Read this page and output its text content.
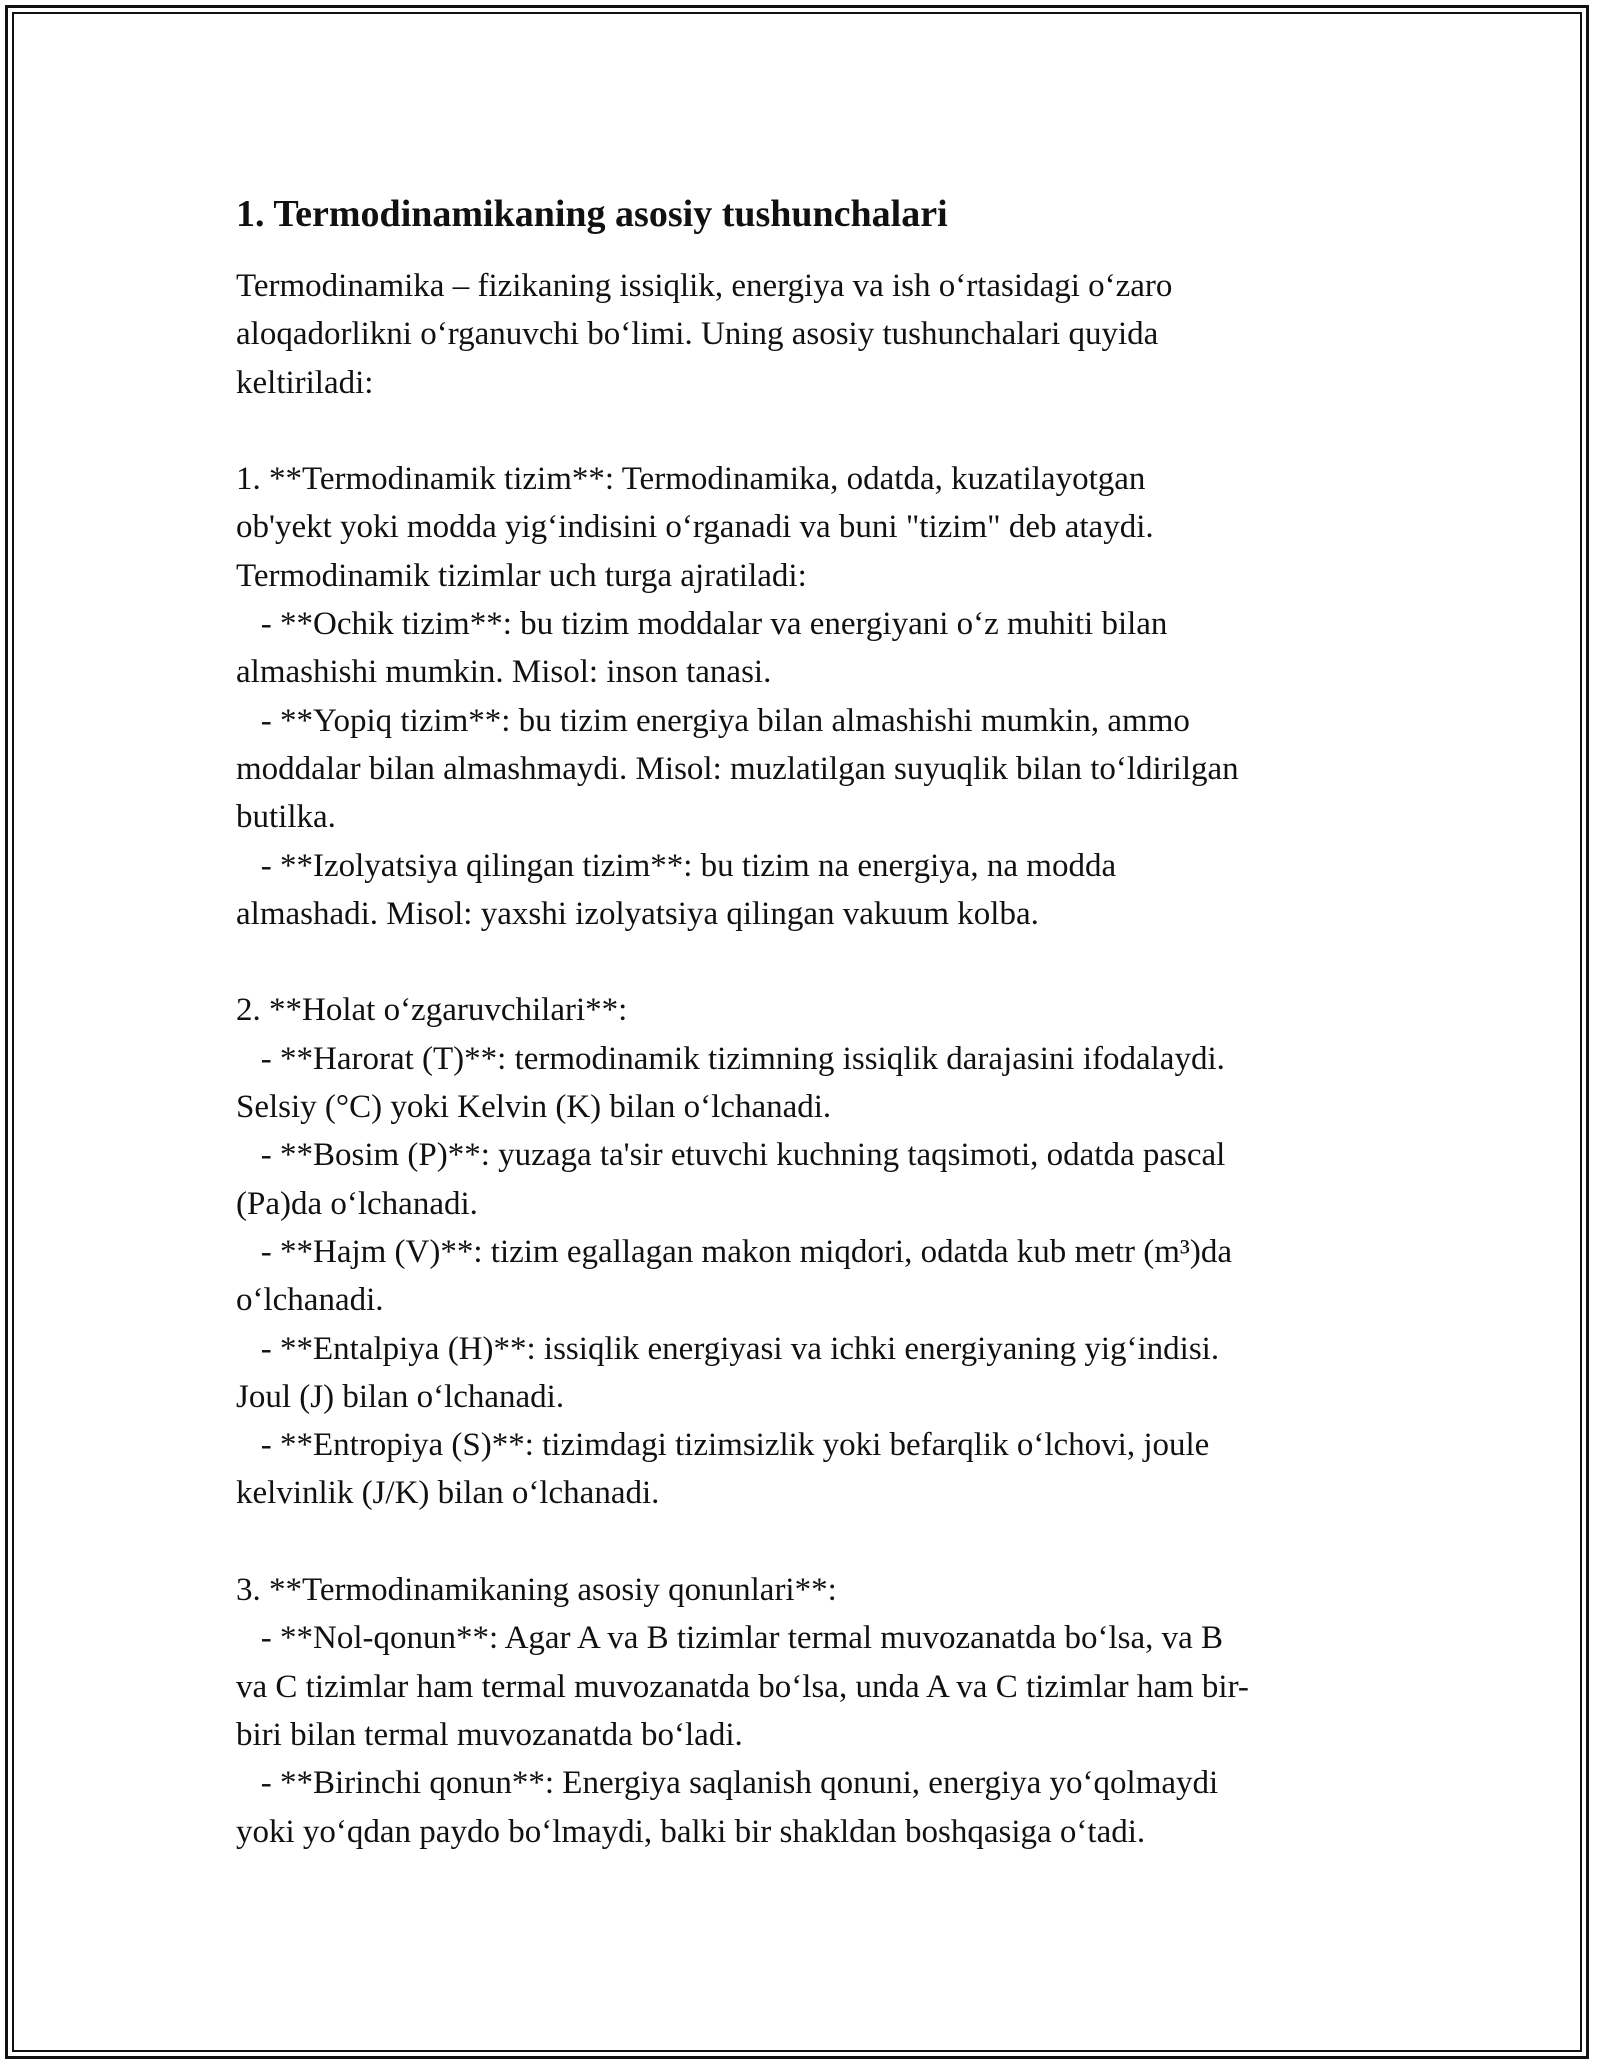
1. Termodinamikaning asosiy tushunchalari
Termodinamika – fizikaning issiqlik, energiya va ish o‘rtasidagi o‘zaro
aloqadorlikni o‘rganuvchi bo‘limi. Uning asosiy tushunchalari quyida
keltiriladi:
1. **Termodinamik tizim**: Termodinamika, odatda, kuzatilayotgan
ob'yekt yoki modda yig‘indisini o‘rganadi va buni "tizim" deb ataydi.
Termodinamik tizimlar uch turga ajratiladi:
- **Ochik tizim**: bu tizim moddalar va energiyani o‘z muhiti bilan
almashishi mumkin. Misol: inson tanasi.
- **Yopiq tizim**: bu tizim energiya bilan almashishi mumkin, ammo
moddalar bilan almashmaydi. Misol: muzlatilgan suyuqlik bilan to‘ldirilgan
butilka.
- **Izolyatsiya qilingan tizim**: bu tizim na energiya, na modda
almashadi. Misol: yaxshi izolyatsiya qilingan vakuum kolba.
2. **Holat o‘zgaruvchilari**:
- **Harorat (T)**: termodinamik tizimning issiqlik darajasini ifodalaydi.
Selsiy (°C) yoki Kelvin (K) bilan o‘lchanadi.
- **Bosim (P)**: yuzaga ta'sir etuvchi kuchning taqsimoti, odatda pascal
(Pa)da o‘lchanadi.
- **Hajm (V)**: tizim egallagan makon miqdori, odatda kub metr (m³)da
o‘lchanadi.
- **Entalpiya (H)**: issiqlik energiyasi va ichki energiyaning yig‘indisi.
Joul (J) bilan o‘lchanadi.
- **Entropiya (S)**: tizimdagi tizimsizlik yoki befarqlik o‘lchovi, joule
kelvinlik (J/K) bilan o‘lchanadi.
3. **Termodinamikaning asosiy qonunlari**:
- **Nol-qonun**: Agar A va B tizimlar termal muvozanatda bo‘lsa, va B
va C tizimlar ham termal muvozanatda bo‘lsa, unda A va C tizimlar ham bir-
biri bilan termal muvozanatda bo‘ladi.
- **Birinchi qonun**: Energiya saqlanish qonuni, energiya yo‘qolmaydi
yoki yo‘qdan paydo bo‘lmaydi, balki bir shakldan boshqasiga o‘tadi.
